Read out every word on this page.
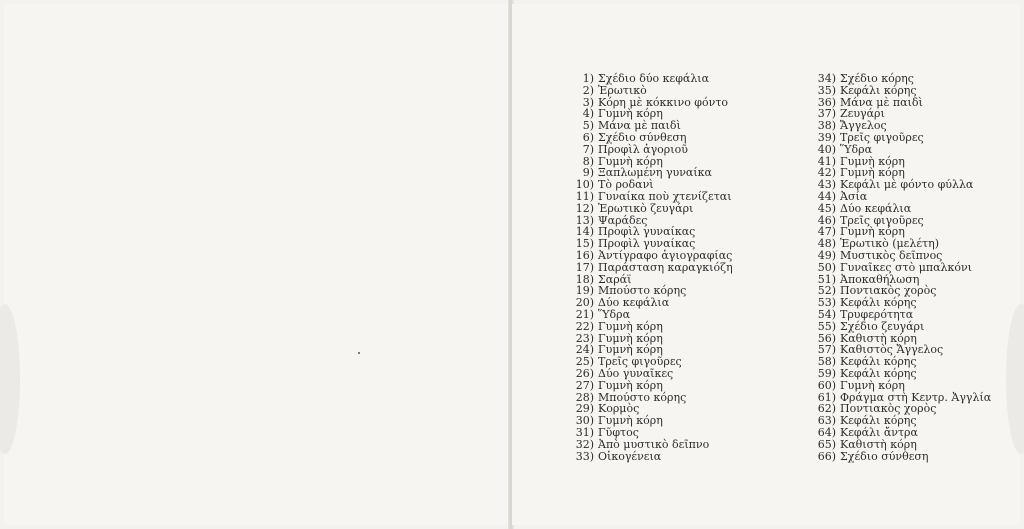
1) Σχέδιο δύο κεφάλια
2) Ἐρωτικὸ
3) Κόρη μὲ κόκκινο φόντο
4) Γυμνὴ κόρη
5) Μάνα μὲ παιδὶ
6) Σχέδιο σύνθεση
7) Προφὶλ ἀγοριοῦ
8) Γυμνὴ κόρη
9) Ξαπλωμένη γυναίκα
10) Τὸ ροδανὶ
11) Γυναίκα ποὺ χτενίζεται
12) Ἐρωτικὸ ζευγάρι
13) Ψαράδες
14) Προφὶλ γυναίκας
15) Προφὶλ γυναίκας
16) Ἀντίγραφο ἁγιογραφίας
17) Παράσταση καραγκιόζη
18) Σαράϊ
19) Μπούστο κόρης
20) Δύο κεφάλια
21) Ὕδρα
22) Γυμνὴ κόρη
23) Γυμνὴ κόρη
24) Γυμνὴ κόρη
25) Τρεῖς φιγοῦρες
26) Δύο γυναῖκες
27) Γυμνὴ κόρη
28) Μπούστο κόρης
29) Κορμὸς
30) Γυμνὴ κόρη
31) Γῦφτος
32) Ἀπὸ μυστικὸ δεῖπνο
33) Οἰκογένεια
34) Σχέδιο κόρης
35) Κεφάλι κόρης
36) Μάνα μὲ παιδὶ
37) Ζευγάρι
38) Ἄγγελος
39) Τρεῖς φιγοῦρες
40) Ὕδρα
41) Γυμνὴ κόρη
42) Γυμνὴ κόρη
43) Κεφάλι μὲ φόντο φύλλα
44) Ἀσία
45) Δύο κεφάλια
46) Τρεῖς φιγοῦρες
47) Γυμνὴ κόρη
48) Ἐρωτικὸ (μελέτη)
49) Μυστικὸς δεῖπνος
50) Γυναῖκες στὸ μπαλκόνι
51) Ἀποκαθήλωση
52) Ποντιακὸς χορὸς
53) Κεφάλι κόρης
54) Τρυφερότητα
55) Σχέδιο ζευγάρι
56) Καθιστὴ κόρη
57) Καθιστὸς Ἄγγελος
58) Κεφάλι κόρης
59) Κεφάλι κόρης
60) Γυμνὴ κόρη
61) Φράγμα στὴ Κεντρ. Ἀγγλία
62) Ποντιακὸς χορὸς
63) Κεφάλι κόρης
64) Κεφάλι ἄντρα
65) Καθιστὴ κόρη
66) Σχέδιο σύνθεση
